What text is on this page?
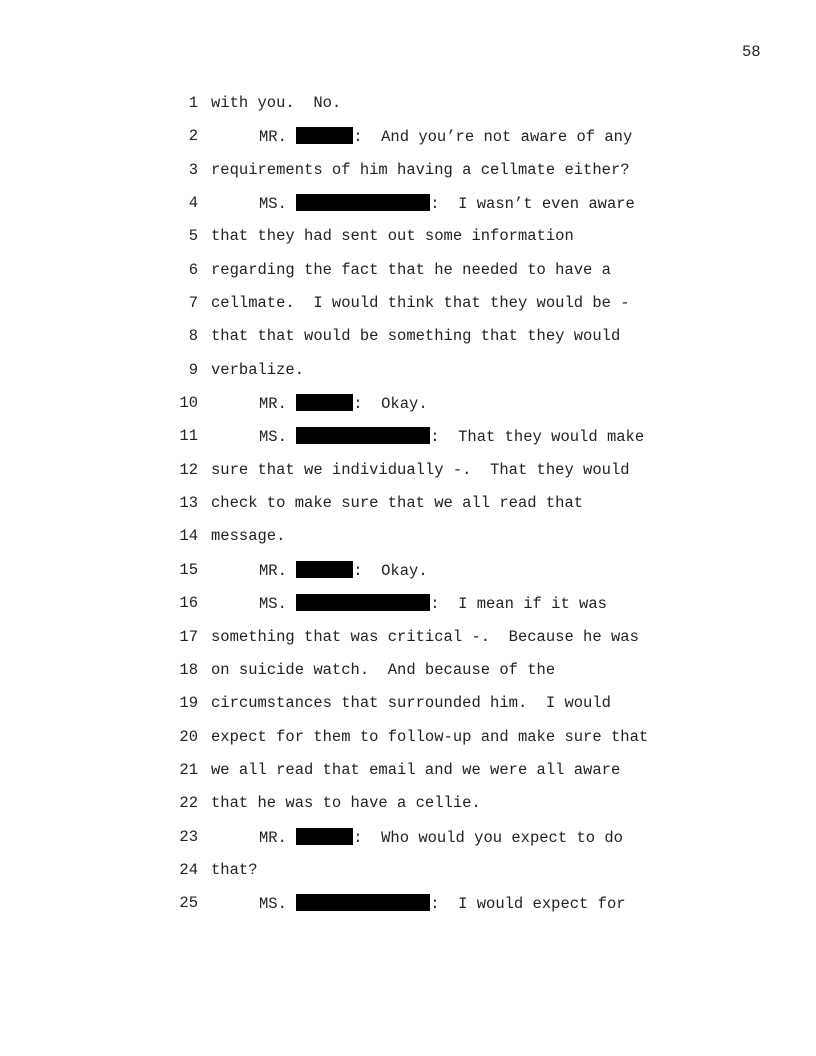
58
1 with you.  No.
2	MR.	:  And you’re not aware of any
3 requirements of him having a cellmate either?
4	MS.	:  I wasn’t even aware
5 that they had sent out some information
6 regarding the fact that he needed to have a
7 cellmate.  I would think that they would be -
8 that that would be something that they would
9 verbalize.
10	MR.	:  Okay.
11	MS.	:  That they would make
12 sure that we individually -.  That they would
13 check to make sure that we all read that
14 message.
15	MR.	:  Okay.
16	MS.	:  I mean if it was
17 something that was critical -.  Because he was
18 on suicide watch.  And because of the
19 circumstances that surrounded him.  I would
20 expect for them to follow-up and make sure that
21 we all read that email and we were all aware
22 that he was to have a cellie.
23	MR.	:  Who would you expect to do
24 that?
25	MS.	:  I would expect for
